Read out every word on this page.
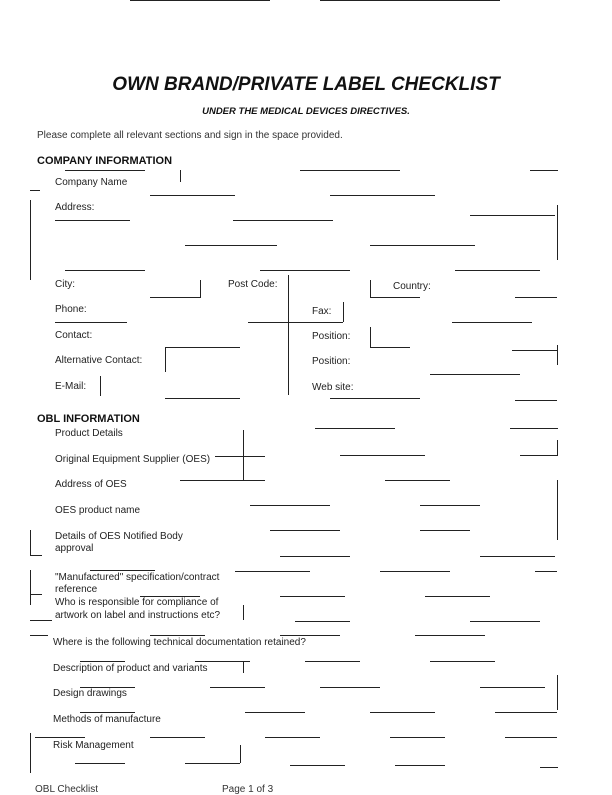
OWN BRAND/PRIVATE LABEL CHECKLIST
UNDER THE MEDICAL DEVICES DIRECTIVES.
Please complete all relevant sections and sign in the space provided.
COMPANY INFORMATION
Company Name
Address:
City:	Post Code:	Country:
Phone:	Fax:
Contact:	Position:
Alternative Contact:	Position:
E-Mail:	Web site:
OBL INFORMATION
Product Details
Original Equipment Supplier (OES)
Address of OES
OES product name
Details of OES Notified Body
approval
"Manufactured" specification/contract
reference
Who is responsible for compliance of
artwork on label and instructions etc?
Where is the following technical documentation retained?
Description of product and variants
Design drawings
Methods of manufacture
Risk Management
OBL Checklist	Page 1 of 3
